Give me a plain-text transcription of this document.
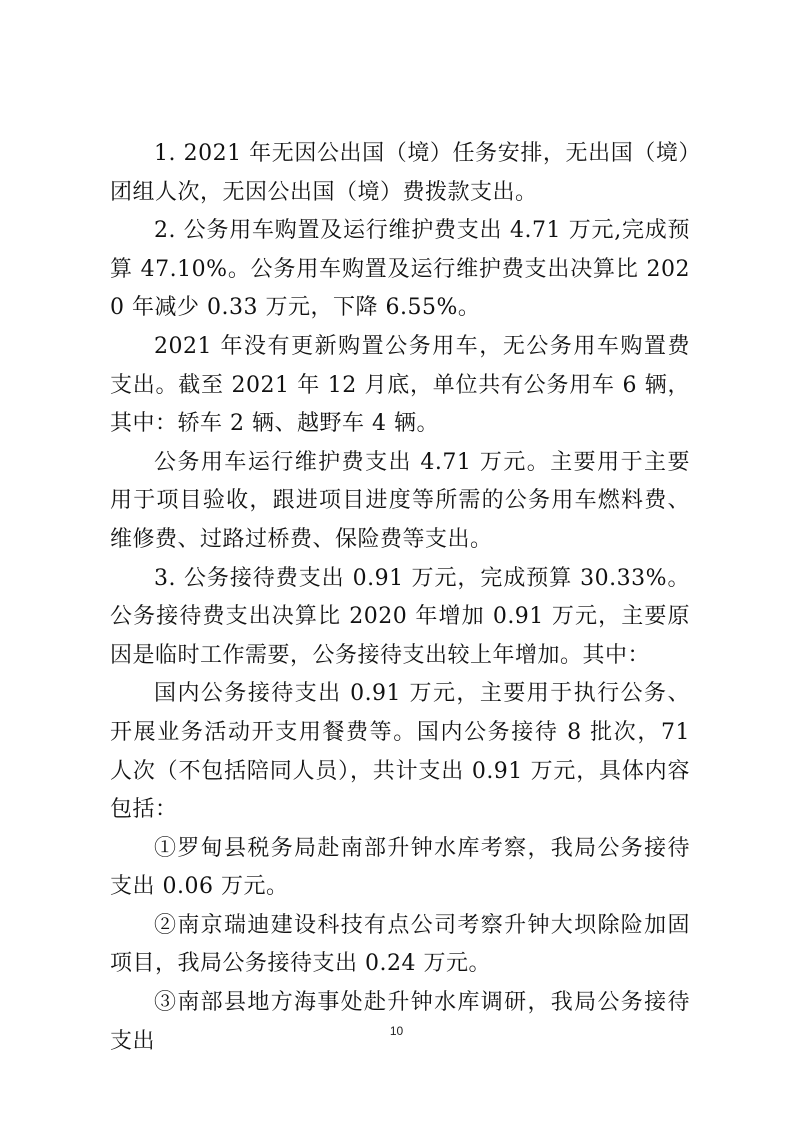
1. 2021 年无因公出国（境）任务安排，无出国（境）团组人次，无因公出国（境）费拨款支出。

2. 公务用车购置及运行维护费支出 4.71 万元,完成预算 47.10%。公务用车购置及运行维护费支出决算比 2020 年减少 0.33 万元，下降 6.55%。

2021 年没有更新购置公务用车，无公务用车购置费支出。截至 2021 年 12 月底，单位共有公务用车 6 辆，其中：轿车 2 辆、越野车 4 辆。

公务用车运行维护费支出 4.71 万元。主要用于主要用于项目验收，跟进项目进度等所需的公务用车燃料费、维修费、过路过桥费、保险费等支出。

3. 公务接待费支出 0.91 万元，完成预算 30.33%。公务接待费支出决算比 2020 年增加 0.91 万元，主要原因是临时工作需要，公务接待支出较上年增加。其中：

国内公务接待支出 0.91 万元，主要用于执行公务、开展业务活动开支用餐费等。国内公务接待 8 批次，71 人次（不包括陪同人员），共计支出 0.91 万元，具体内容包括：

①罗甸县税务局赴南部升钟水库考察，我局公务接待支出 0.06 万元。

②南京瑞迪建设科技有点公司考察升钟大坝除险加固项目，我局公务接待支出 0.24 万元。

③南部县地方海事处赴升钟水库调研，我局公务接待支出	10
